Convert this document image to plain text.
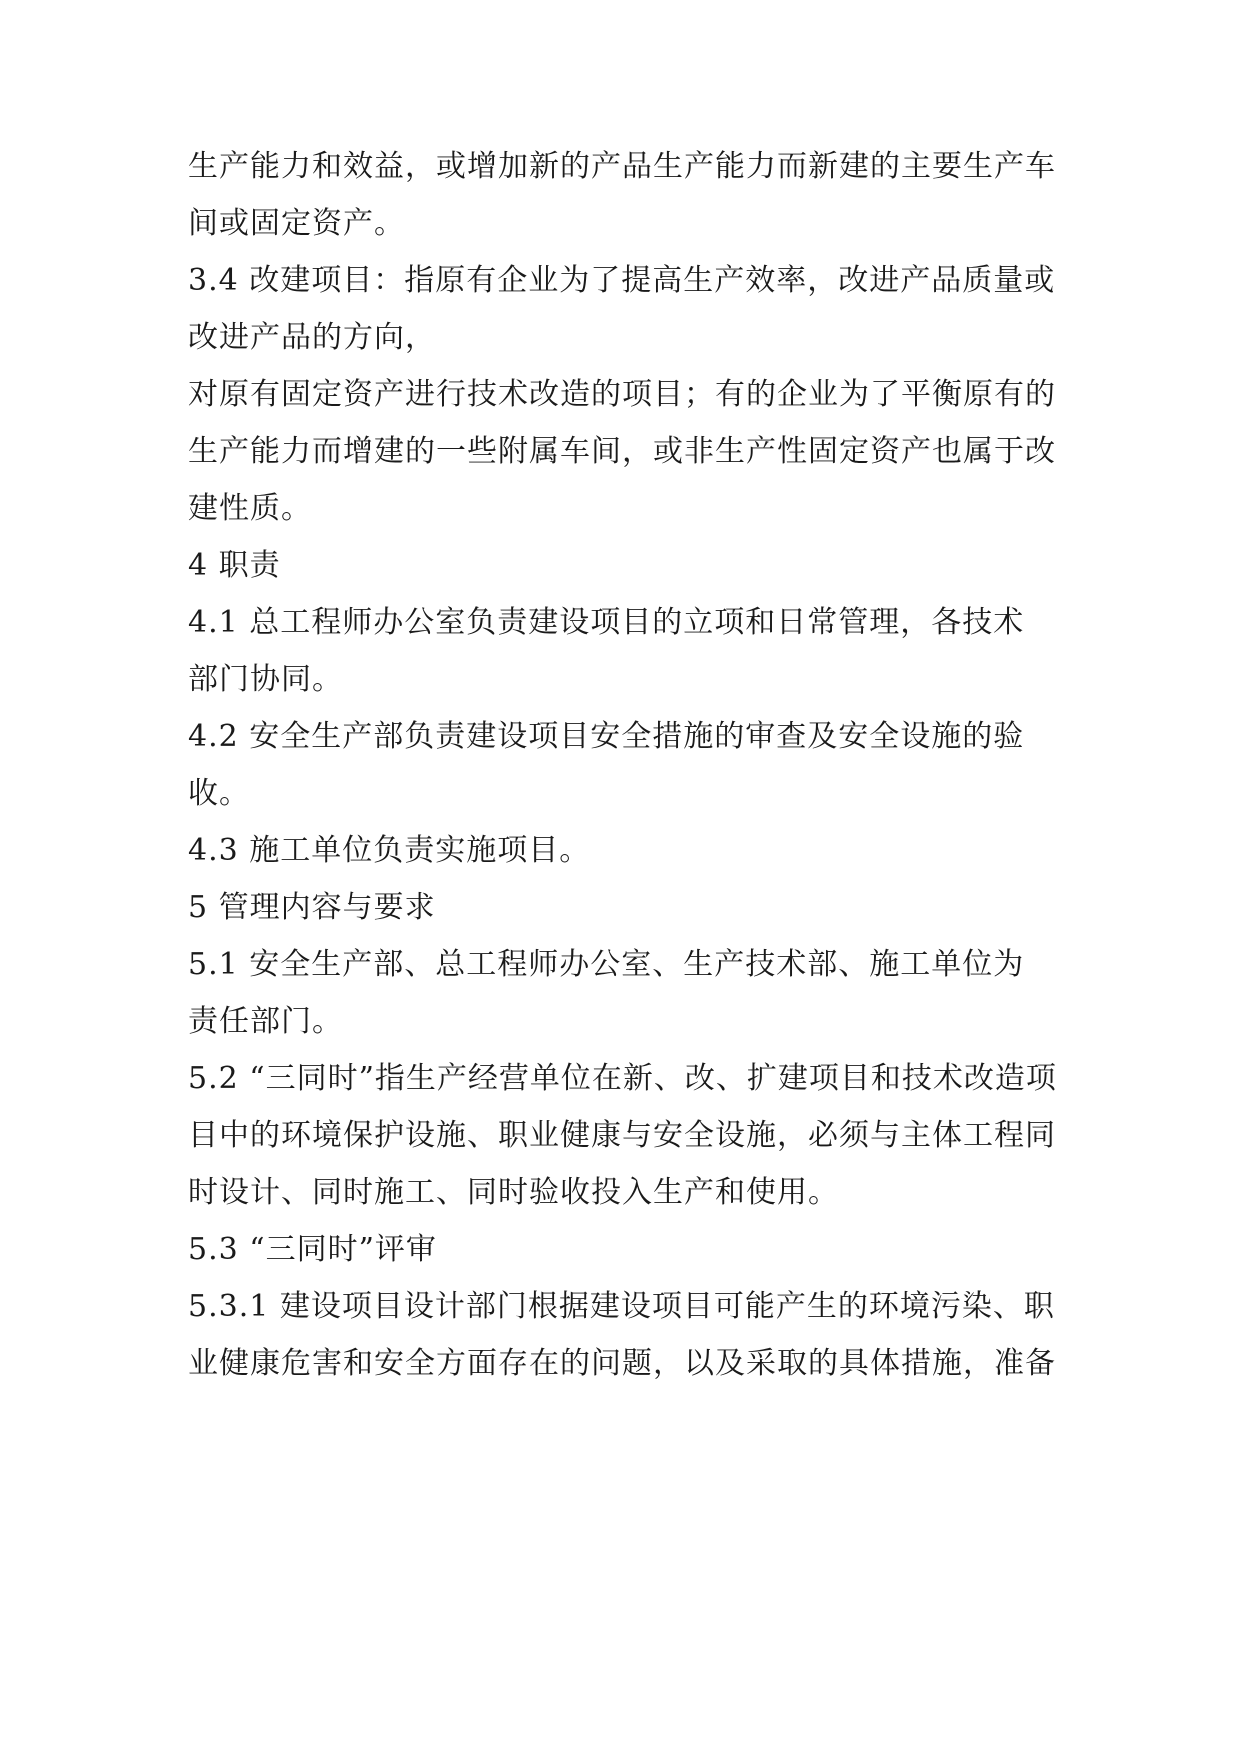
生产能力和效益，或增加新的产品生产能力而新建的主要生产车
间或固定资产。
3.4 改建项目：指原有企业为了提高生产效率，改进产品质量或
改进产品的方向，
对原有固定资产进行技术改造的项目；有的企业为了平衡原有的
生产能力而增建的一些附属车间，或非生产性固定资产也属于改
建性质。
4 职责
4.1 总工程师办公室负责建设项目的立项和日常管理，各技术
部门协同。
4.2 安全生产部负责建设项目安全措施的审查及安全设施的验
收。
4.3 施工单位负责实施项目。
5 管理内容与要求
5.1 安全生产部、总工程师办公室、生产技术部、施工单位为
责任部门。
5.2 “三同时”指生产经营单位在新、改、扩建项目和技术改造项
目中的环境保护设施、职业健康与安全设施，必须与主体工程同
时设计、同时施工、同时验收投入生产和使用。
5.3 “三同时”评审
5.3.1 建设项目设计部门根据建设项目可能产生的环境污染、职
业健康危害和安全方面存在的问题，以及采取的具体措施，准备
